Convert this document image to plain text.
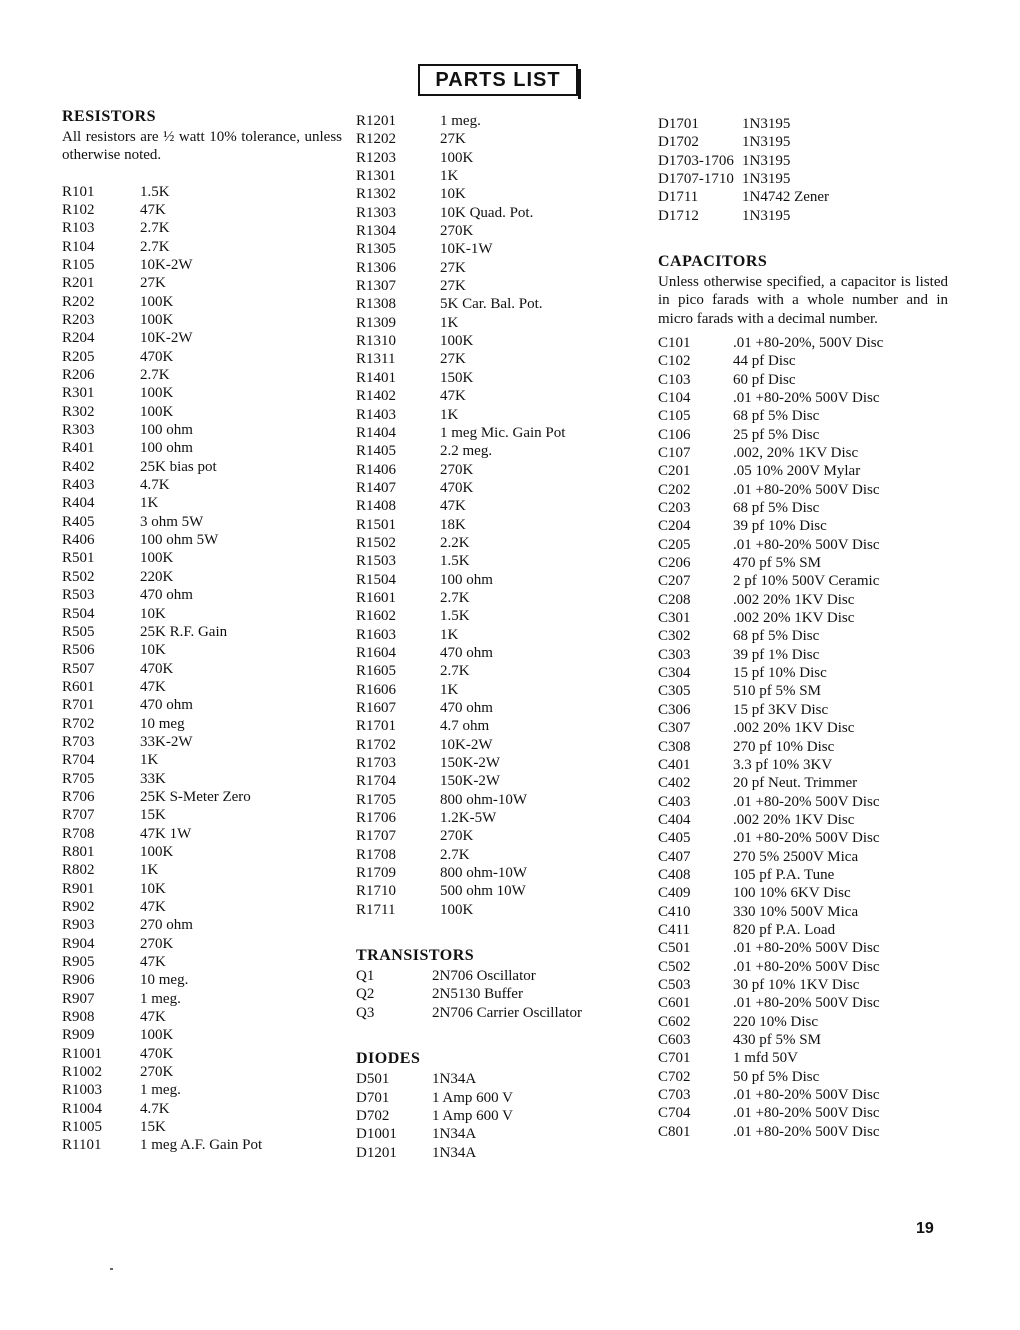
PARTS LIST
RESISTORS

All resistors are ½ watt 10% tolerance, unless otherwise noted.

R101	1.5K
R102	47K
R103	2.7K
R104	2.7K
R105	10K-2W
R201	27K
R202	100K
R203	100K
R204	10K-2W
R205	470K
R206	2.7K
R301	100K
R302	100K
R303	100 ohm
R401	100 ohm
R402	25K bias pot
R403	4.7K
R404	1K
R405	3 ohm 5W
R406	100 ohm 5W
R501	100K
R502	220K
R503	470 ohm
R504	10K
R505	25K R.F. Gain
R506	10K
R507	470K
R601	47K
R701	470 ohm
R702	10 meg
R703	33K-2W
R704	1K
R705	33K
R706	25K S-Meter Zero
R707	15K
R708	47K 1W
R801	100K
R802	1K
R901	10K
R902	47K
R903	270 ohm
R904	270K
R905	47K
R906	10 meg.
R907	1 meg.
R908	47K
R909	100K
R1001	470K
R1002	270K
R1003	1 meg.
R1004	4.7K
R1005	15K
R1101	1 meg A.F. Gain Pot
R1201	1 meg.
R1202	27K
R1203	100K
R1301	1K
R1302	10K
R1303	10K Quad. Pot.
R1304	270K
R1305	10K-1W
R1306	27K
R1307	27K
R1308	5K Car. Bal. Pot.
R1309	1K
R1310	100K
R1311	27K
R1401	150K
R1402	47K
R1403	1K
R1404	1 meg Mic. Gain Pot
R1405	2.2 meg.
R1406	270K
R1407	470K
R1408	47K
R1501	18K
R1502	2.2K
R1503	1.5K
R1504	100 ohm
R1601	2.7K
R1602	1.5K
R1603	1K
R1604	470 ohm
R1605	2.7K
R1606	1K
R1607	470 ohm
R1701	4.7 ohm
R1702	10K-2W
R1703	150K-2W
R1704	150K-2W
R1705	800 ohm-10W
R1706	1.2K-5W
R1707	270K
R1708	2.7K
R1709	800 ohm-10W
R1710	500 ohm 10W
R1711	100K
TRANSISTORS
Q1	2N706 Oscillator
Q2	2N5130 Buffer
Q3	2N706 Carrier Oscillator
DIODES
D501	1N34A
D701	1 Amp 600 V
D702	1 Amp 600 V
D1001	1N34A
D1201	1N34A
D1701	1N3195
D1702	1N3195
D1703-1706 1N3195
D1707-1710 1N3195
D1711	1N4742 Zener
D1712	1N3195
CAPACITORS

Unless otherwise specified, a capacitor is listed in pico farads with a whole number and in micro farads with a decimal number.

C101	.01 +80-20%, 500V Disc
C102	44 pf Disc
C103	60 pf Disc
C104	.01 +80-20% 500V Disc
C105	68 pf 5% Disc
C106	25 pf 5% Disc
C107	.002, 20% 1KV Disc
C201	.05 10% 200V Mylar
C202	.01 +80-20% 500V Disc
C203	68 pf 5% Disc
C204	39 pf 10% Disc
C205	.01 +80-20% 500V Disc
C206	470 pf 5% SM
C207	2 pf 10% 500V Ceramic
C208	.002 20% 1KV Disc
C301	.002 20% 1KV Disc
C302	68 pf 5% Disc
C303	39 pf 1% Disc
C304	15 pf 10% Disc
C305	510 pf 5% SM
C306	15 pf 3KV Disc
C307	.002 20% 1KV Disc
C308	270 pf 10% Disc
C401	3.3 pf 10% 3KV
C402	20 pf Neut. Trimmer
C403	.01 +80-20% 500V Disc
C404	.002 20% 1KV Disc
C405	.01 +80-20% 500V Disc
C407	270 5% 2500V Mica
C408	105 pf P.A. Tune
C409	100 10% 6KV Disc
C410	330 10% 500V Mica
C411	820 pf P.A. Load
C501	.01 +80-20% 500V Disc
C502	.01 +80-20% 500V Disc
C503	30 pf 10% 1KV Disc
C601	.01 +80-20% 500V Disc
C602	220 10% Disc
C603	430 pf 5% SM
C701	1 mfd 50V
C702	50 pf 5% Disc
C703	.01 +80-20% 500V Disc
C704	.01 +80-20% 500V Disc
C801	.01 +80-20% 500V Disc
19
